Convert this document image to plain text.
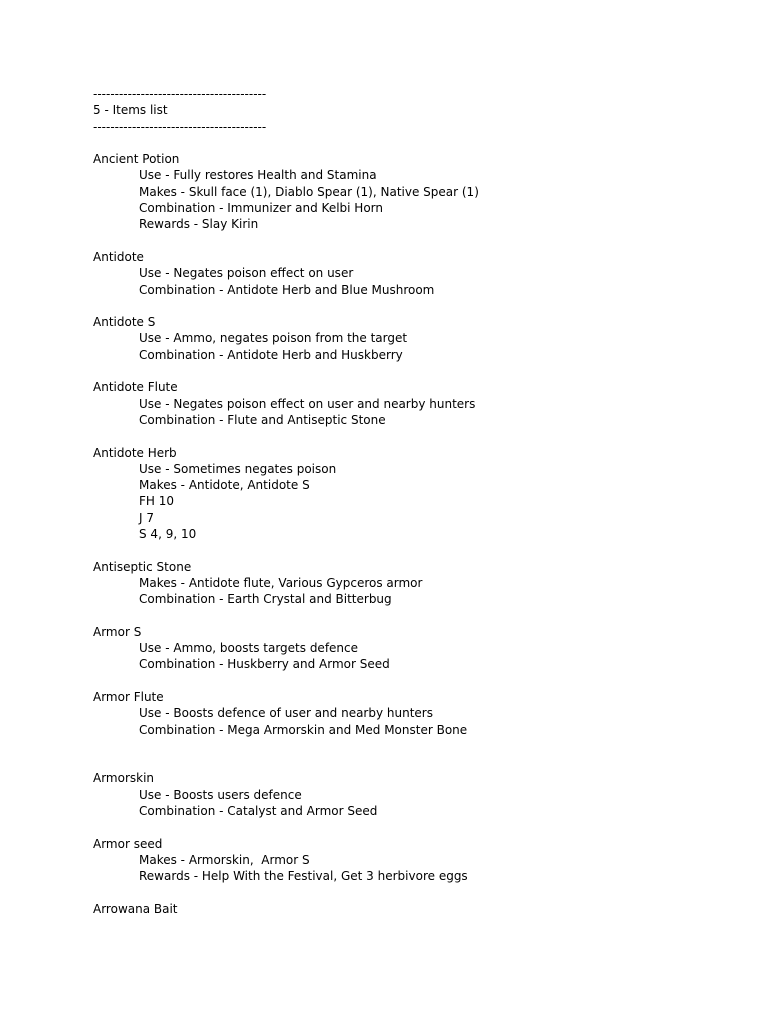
----------------------------------------
5 - Items list
----------------------------------------
Ancient Potion
Use - Fully restores Health and Stamina
Makes - Skull face (1), Diablo Spear (1), Native Spear (1)
Combination - Immunizer and Kelbi Horn
Rewards - Slay Kirin
Antidote
Use - Negates poison effect on user
Combination - Antidote Herb and Blue Mushroom
Antidote S
Use - Ammo, negates poison from the target
Combination - Antidote Herb and Huskberry
Antidote Flute
Use - Negates poison effect on user and nearby hunters
Combination - Flute and Antiseptic Stone
Antidote Herb
Use - Sometimes negates poison
Makes - Antidote, Antidote S
FH 10
J 7
S 4, 9, 10
Antiseptic Stone
Makes - Antidote flute, Various Gypceros armor
Combination - Earth Crystal and Bitterbug
Armor S
Use - Ammo, boosts targets defence
Combination - Huskberry and Armor Seed
Armor Flute
Use - Boosts defence of user and nearby hunters
Combination - Mega Armorskin and Med Monster Bone
Armorskin
Use - Boosts users defence
Combination - Catalyst and Armor Seed
Armor seed
Makes - Armorskin,  Armor S
Rewards - Help With the Festival, Get 3 herbivore eggs
Arrowana Bait
